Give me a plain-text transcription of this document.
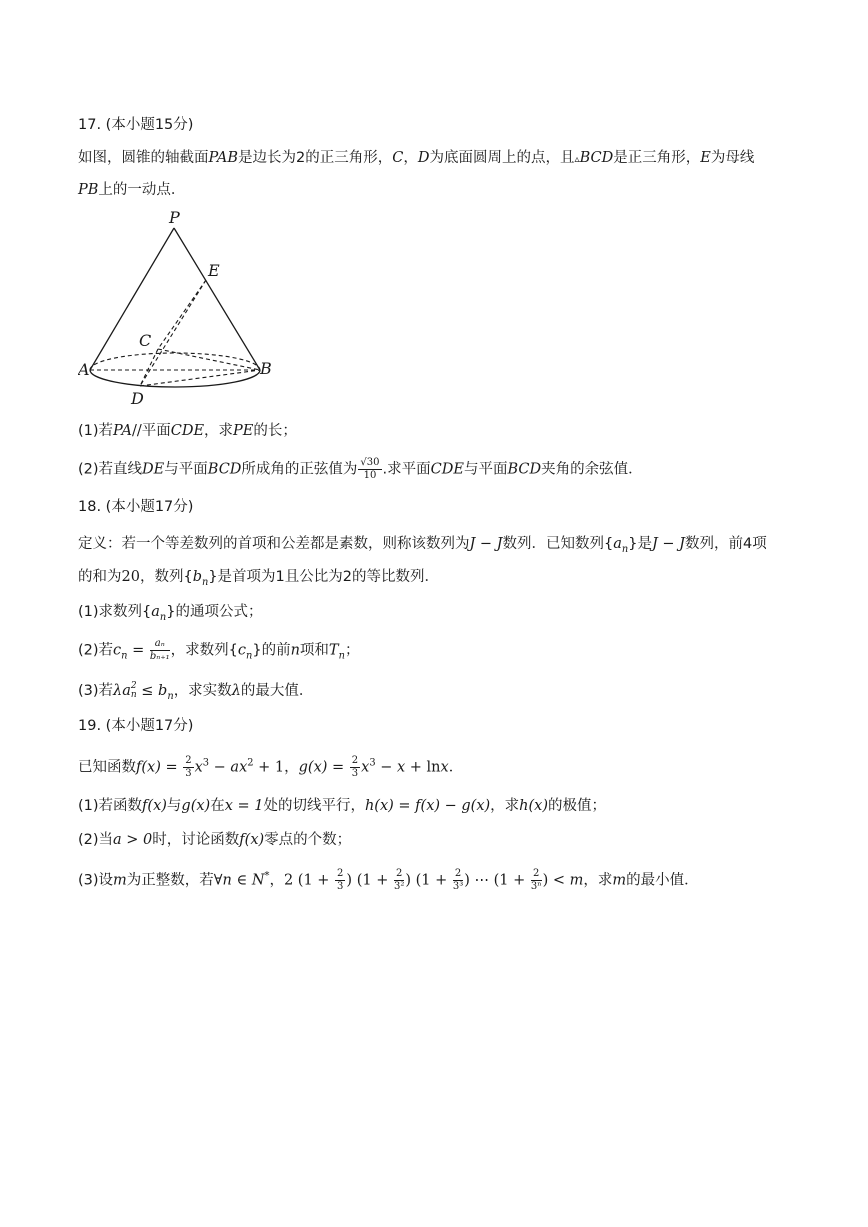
17. (本小题15分)
如图，圆锥的轴截面PAB是边长为2的正三角形，C，D为底面圆周上的点，且▵BCD是正三角形，E为母线
PB上的一动点．
P
E
C
A	B
D
(1)若PA//平面CDE，求PE的长；
(2)若直线DE与平面BCD所成角的正弦值为 $\frac{√30}{10}$ .求平面CDE与平面BCD夹角的余弦值．
18. (本小题17分)
定义：若一个等差数列的首项和公差都是素数，则称该数列为J − J数列．已知数列$\{a_n\}$是J − J数列，前4项
的和为20，数列$\{b_n\}$是首项为1且公比为2的等比数列．
(1)求数列$\{a_n\}$的通项公式；
(2)若$c_n = \frac{\text{aₙ}}{\text{bₙ₊₁}}$ ，求数列$\{c_n\}$的前n项和$T_n$；
(3)若λa 2
$n \le b_n$，求实数λ的最大值．
19. (本小题17分)
已知函数$f(x) = \frac{2}{3} x^3 - ax^2 + 1$，$g(x) = \frac{2}{3} x^3 - x + \ln x$．
(1)若函数f(x)与g(x)在x = 1处的切线平行，h(x) = f(x) − g(x)，求h(x)的极值；
(2)当a > 0时，讨论函数f(x)零点的个数；
(3)设m为正整数，若∀n ∈ N*，2 ($1 + \frac{2}{3}$ ) ($1 + \frac{2}{\text{3²}}$ ) ($1 + \frac{2}{\text{3³}}$ ) ⋯ ($1 + \frac{2}{\text{3ⁿ}}$ ) < m，求m的最小值．
